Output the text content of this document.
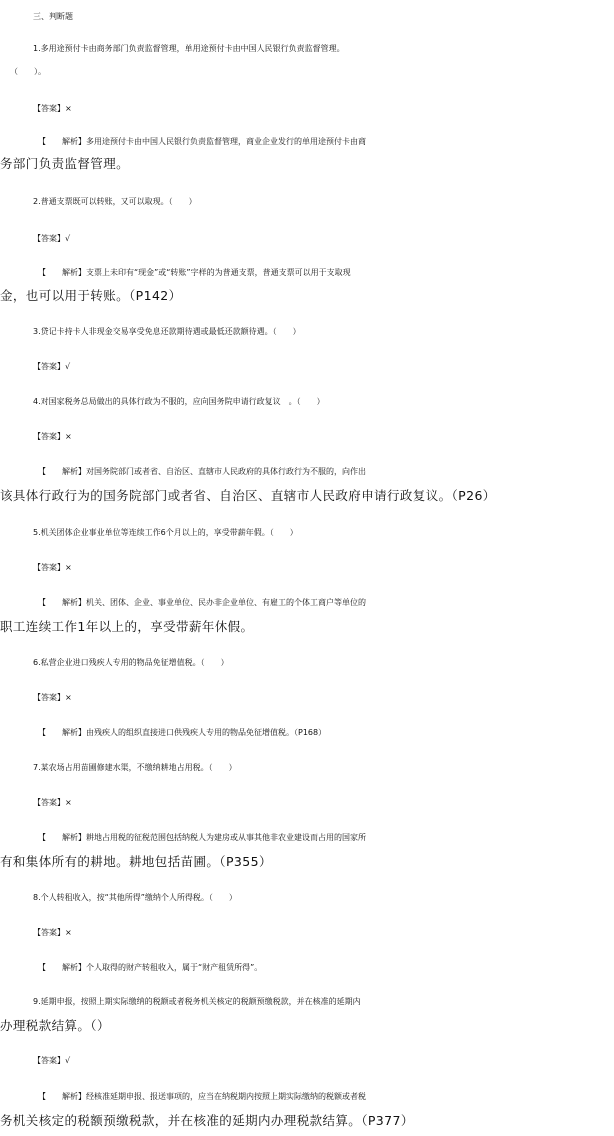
三、判断题
1.多用途预付卡由商务部门负责监督管理，单用途预付卡由中国人民银行负责监督管理。
（　　）。
【答案】×
【　　解析】多用途预付卡由中国人民银行负责监督管理，商业企业发行的单用途预付卡由商
务部门负责监督管理。
2.普通支票既可以转账，又可以取现。（　　）
【答案】√
【　　解析】支票上未印有“现金”或“转账”字样的为普通支票，普通支票可以用于支取现
金，也可以用于转账。（P142）
3.贷记卡持卡人非现金交易享受免息还款期待遇或最低还款额待遇。（　　）
【答案】√
4.对国家税务总局做出的具体行政为不服的，应向国务院申请行政复议　。（　　）
【答案】×
【　　解析】对国务院部门或者省、自治区、直辖市人民政府的具体行政行为不服的，向作出
该具体行政行为的国务院部门或者省、自治区、直辖市人民政府申请行政复议。（P26）
5.机关团体企业事业单位等连续工作6个月以上的，享受带薪年假。（　　）
【答案】×
【　　解析】机关、团体、企业、事业单位、民办非企业单位、有雇工的个体工商户等单位的
职工连续工作1年以上的，享受带薪年休假。
6.私营企业进口残疾人专用的物品免征增值税。（　　）
【答案】×
【　　解析】由残疾人的组织直接进口供残疾人专用的物品免征增值税。（P168）
7.某农场占用苗圃修建水渠，不缴纳耕地占用税。（　　）
【答案】×
【　　解析】耕地占用税的征税范围包括纳税人为建房或从事其他非农业建设而占用的国家所
有和集体所有的耕地。耕地包括苗圃。（P355）
8.个人转租收入，按“其他所得”缴纳个人所得税。（　　）
【答案】×
【　　解析】个人取得的财产转租收入，属于“财产租赁所得”。
9.延期申报，按照上期实际缴纳的税额或者税务机关核定的税额预缴税款，并在核准的延期内
办理税款结算。（）
【答案】√
【　　解析】经核准延期申报、报送事项的，应当在纳税期内按照上期实际缴纳的税额或者税
务机关核定的税额预缴税款，并在核准的延期内办理税款结算。（P377）
